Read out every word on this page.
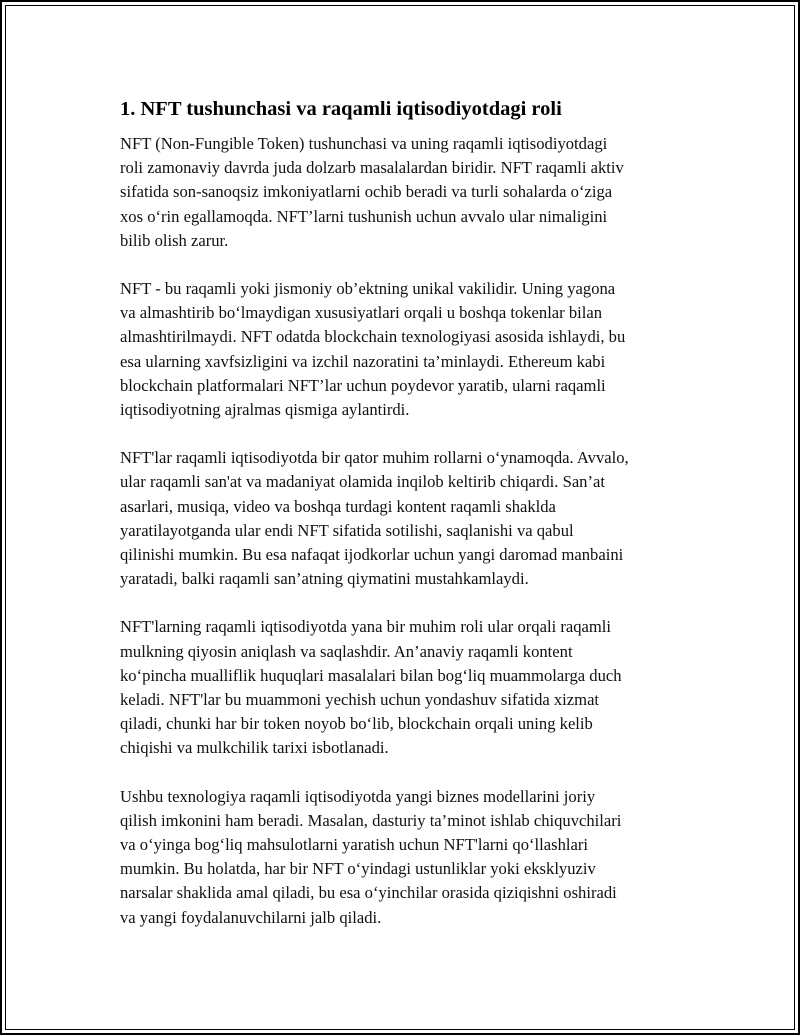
1. NFT tushunchasi va raqamli iqtisodiyotdagi roli
NFT (Non-Fungible Token) tushunchasi va uning raqamli iqtisodiyotdagi
roli zamonaviy davrda juda dolzarb masalalardan biridir. NFT raqamli aktiv
sifatida son-sanoqsiz imkoniyatlarni ochib beradi va turli sohalarda o‘ziga
xos o‘rin egallamoqda. NFT’larni tushunish uchun avvalo ular nimaligini
bilib olish zarur.
NFT - bu raqamli yoki jismoniy ob’ektning unikal vakilidir. Uning yagona
va almashtirib bo‘lmaydigan xususiyatlari orqali u boshqa tokenlar bilan
almashtirilmaydi. NFT odatda blockchain texnologiyasi asosida ishlaydi, bu
esa ularning xavfsizligini va izchil nazoratini ta’minlaydi. Ethereum kabi
blockchain platformalari NFT’lar uchun poydevor yaratib, ularni raqamli
iqtisodiyotning ajralmas qismiga aylantirdi.
NFT'lar raqamli iqtisodiyotda bir qator muhim rollarni o‘ynamoqda. Avvalo,
ular raqamli san'at va madaniyat olamida inqilob keltirib chiqardi. San’at
asarlari, musiqa, video va boshqa turdagi kontent raqamli shaklda
yaratilayotganda ular endi NFT sifatida sotilishi, saqlanishi va qabul
qilinishi mumkin. Bu esa nafaqat ijodkorlar uchun yangi daromad manbaini
yaratadi, balki raqamli san’atning qiymatini mustahkamlaydi.
NFT'larning raqamli iqtisodiyotda yana bir muhim roli ular orqali raqamli
mulkning qiyosin aniqlash va saqlashdir. An’anaviy raqamli kontent
ko‘pincha mualliflik huquqlari masalalari bilan bog‘liq muammolarga duch
keladi. NFT'lar bu muammoni yechish uchun yondashuv sifatida xizmat
qiladi, chunki har bir token noyob bo‘lib, blockchain orqali uning kelib
chiqishi va mulkchilik tarixi isbotlanadi.
Ushbu texnologiya raqamli iqtisodiyotda yangi biznes modellarini joriy
qilish imkonini ham beradi. Masalan, dasturiy ta’minot ishlab chiquvchilari
va o‘yinga bog‘liq mahsulotlarni yaratish uchun NFT'larni qo‘llashlari
mumkin. Bu holatda, har bir NFT o‘yindagi ustunliklar yoki eksklyuziv
narsalar shaklida amal qiladi, bu esa o‘yinchilar orasida qiziqishni oshiradi
va yangi foydalanuvchilarni jalb qiladi.
